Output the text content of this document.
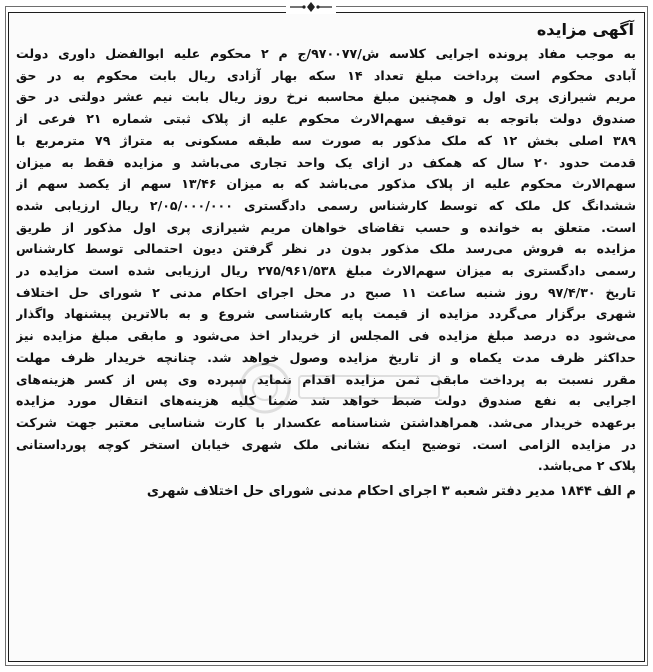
آگهی مزایده
به موجب مفاد پرونده اجرایی کلاسه ش/۹۷۰۰۷۷/ج م ۲ محکوم علیه ابوالفضل داوری دولت
آبادی محکوم است پرداخت مبلغ تعداد ۱۴ سکه بهار آزادی ریال بابت محکوم به در حق
مریم شیرازی پری اول و همچنین مبلغ محاسبه نرخ روز ریال بابت نیم عشر دولتی در حق
صندوق دولت باتوجه به توقیف سهم‌الارث محکوم علیه از پلاک ثبتی شماره ۲۱ فرعی از
۳۸۹ اصلی بخش ۱۲ که ملک مذکور به صورت سه طبقه مسکونی به متراژ ۷۹ مترمربع با
قدمت حدود ۲۰ سال که همکف در ازای یک واحد تجاری می‌باشد و مزایده فقط به میزان
سهم‌الارث محکوم علیه از پلاک مذکور می‌باشد که به میزان ۱۳/۴۶ سهم از یکصد سهم از
ششدانگ کل ملک که توسط کارشناس رسمی دادگستری ۲/۰۵/۰۰۰/۰۰۰ ریال ارزیابی شده
است. متعلق به خوانده و حسب تقاضای خواهان مریم شیرازی پری اول مذکور از طریق
مزایده به فروش می‌رسد ملک مذکور بدون در نظر گرفتن دیون احتمالی توسط کارشناس
رسمی دادگستری به میزان سهم‌الارث مبلغ ۲۷۵/۹۶۱/۵۳۸ ریال ارزیابی شده است مزایده در
تاریخ ۹۷/۴/۳۰ روز شنبه ساعت ۱۱ صبح در محل اجرای احکام مدنی ۲ شورای حل اختلاف
شهری برگزار می‌گردد مزایده از قیمت پایه کارشناسی شروع و به بالاترین پیشنهاد واگذار
می‌شود ده درصد مبلغ مزایده فی المجلس از خریدار اخذ می‌شود و مابقی مبلغ مزایده نیز
حداکثر ظرف مدت یکماه و از تاریخ مزایده وصول خواهد شد. چنانچه خریدار ظرف مهلت
مقرر نسبت به پرداخت مابقی ثمن مزایده اقدام ننماید سپرده وی پس از کسر هزینه‌های
اجرایی به نفع صندوق دولت ضبط خواهد شد ضمنا کلیه هزینه‌های انتقال مورد مزایده
برعهده خریدار می‌شد. همراهداشتن شناسنامه عکسدار با کارت شناسایی معتبر جهت شرکت
در مزایده الزامی است. توضیح اینکه نشانی ملک شهری خیابان استخر کوچه پورداستانی
پلاک ۲ می‌باشد.
م الف ۱۸۴۴ مدیر دفتر شعبه ۳ اجرای احکام مدنی شورای حل اختلاف شهری
